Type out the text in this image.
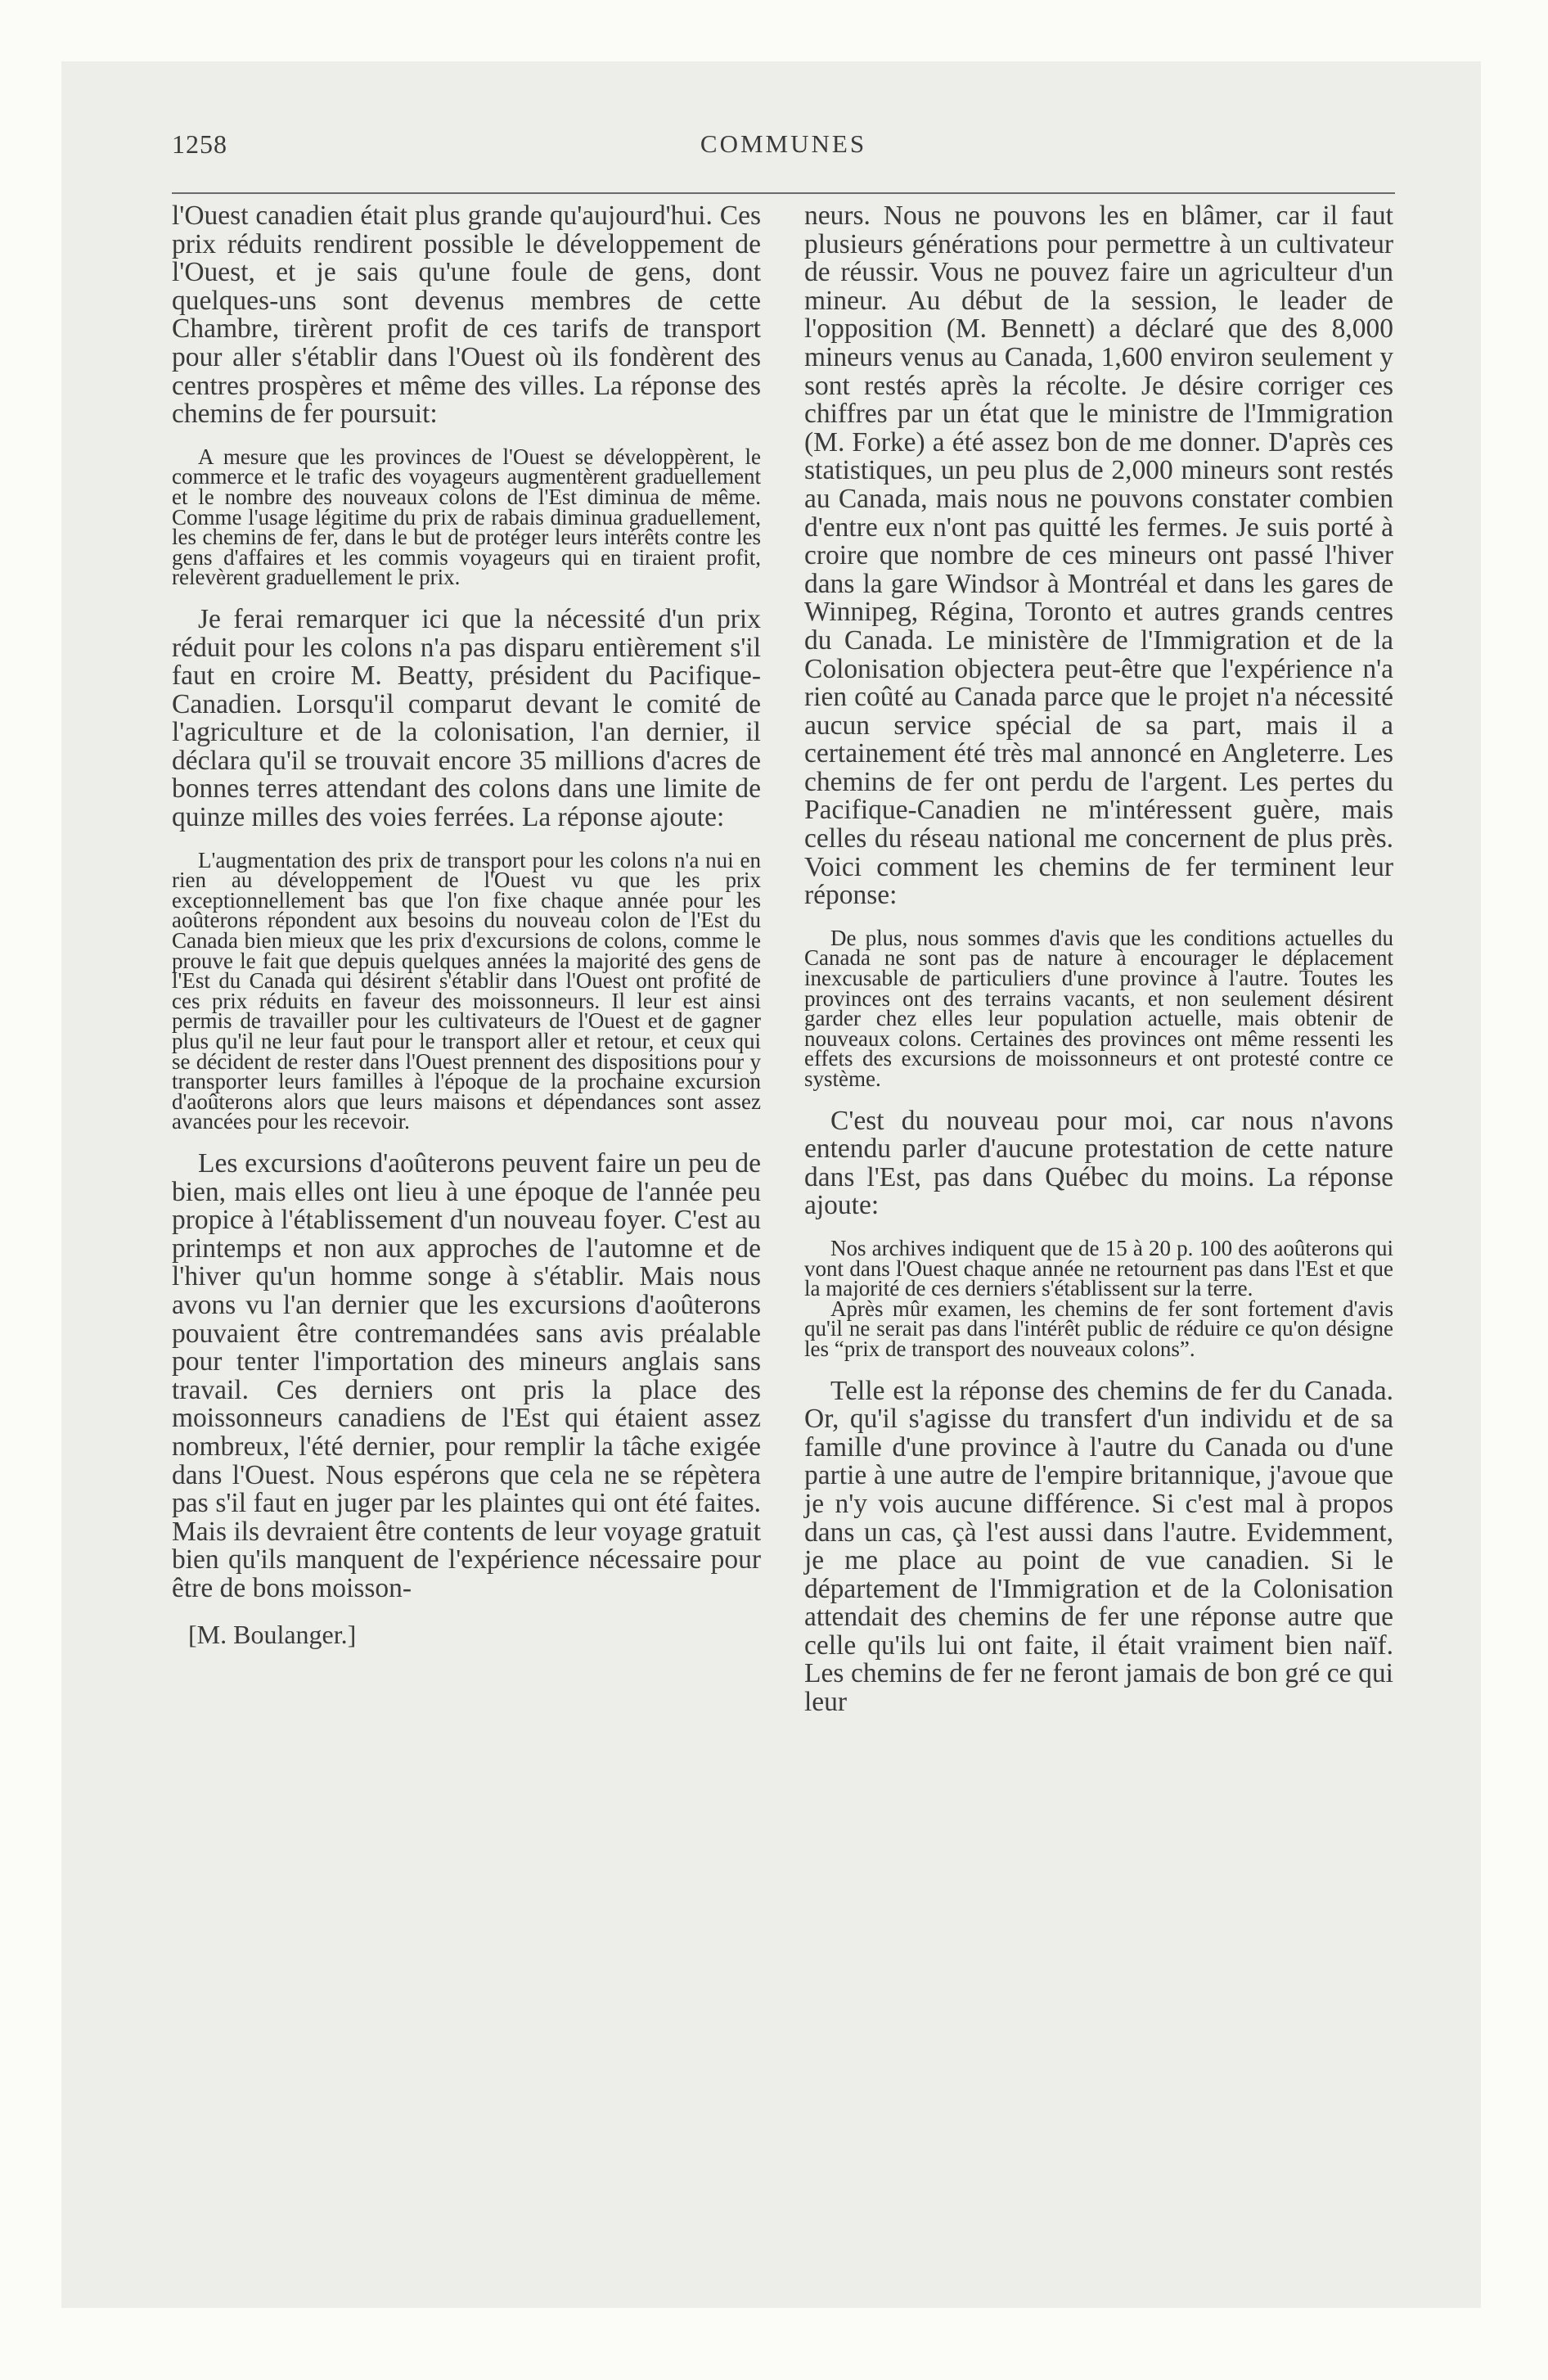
1258	COMMUNES

l'Ouest canadien était plus grande qu'aujourd'hui. Ces prix réduits rendirent possible le développement de l'Ouest, et je sais qu'une foule de gens, dont quelques-uns sont devenus membres de cette Chambre, tirèrent profit de ces tarifs de transport pour aller s'établir dans l'Ouest où ils fondèrent des centres prospères et même des villes. La réponse des chemins de fer poursuit:

A mesure que les provinces de l'Ouest se développèrent, le commerce et le trafic des voyageurs augmentèrent graduellement et le nombre des nouveaux colons de l'Est diminua de même. Comme l'usage légitime du prix de rabais diminua graduellement, les chemins de fer, dans le but de protéger leurs intérêts contre les gens d'affaires et les commis voyageurs qui en tiraient profit, relevèrent graduellement le prix.

Je ferai remarquer ici que la nécessité d'un prix réduit pour les colons n'a pas disparu entièrement s'il faut en croire M. Beatty, président du Pacifique-Canadien. Lorsqu'il comparut devant le comité de l'agriculture et de la colonisation, l'an dernier, il déclara qu'il se trouvait encore 35 millions d'acres de bonnes terres attendant des colons dans une limite de quinze milles des voies ferrées. La réponse ajoute:

L'augmentation des prix de transport pour les colons n'a nui en rien au développement de l'Ouest vu que les prix exceptionnellement bas que l'on fixe chaque année pour les aoûterons répondent aux besoins du nouveau colon de l'Est du Canada bien mieux que les prix d'excursions de colons, comme le prouve le fait que depuis quelques années la majorité des gens de l'Est du Canada qui désirent s'établir dans l'Ouest ont profité de ces prix réduits en faveur des moissonneurs. Il leur est ainsi permis de travailler pour les cultivateurs de l'Ouest et de gagner plus qu'il ne leur faut pour le transport aller et retour, et ceux qui se décident de rester dans l'Ouest prennent des dispositions pour y transporter leurs familles à l'époque de la prochaine excursion d'aoûterons alors que leurs maisons et dépendances sont assez avancées pour les recevoir.

Les excursions d'aoûterons peuvent faire un peu de bien, mais elles ont lieu à une époque de l'année peu propice à l'établissement d'un nouveau foyer. C'est au printemps et non aux approches de l'automne et de l'hiver qu'un homme songe à s'établir. Mais nous avons vu l'an dernier que les excursions d'aoûterons pouvaient être contremandées sans avis préalable pour tenter l'importation des mineurs anglais sans travail. Ces derniers ont pris la place des moissonneurs canadiens de l'Est qui étaient assez nombreux, l'été dernier, pour remplir la tâche exigée dans l'Ouest. Nous espérons que cela ne se répètera pas s'il faut en juger par les plaintes qui ont été faites. Mais ils devraient être contents de leur voyage gratuit bien qu'ils manquent de l'expérience nécessaire pour être de bons moisson-

[M. Boulanger.]

neurs. Nous ne pouvons les en blâmer, car il faut plusieurs générations pour permettre à un cultivateur de réussir. Vous ne pouvez faire un agriculteur d'un mineur. Au début de la session, le leader de l'opposition (M. Bennett) a déclaré que des 8,000 mineurs venus au Canada, 1,600 environ seulement y sont restés après la récolte. Je désire corriger ces chiffres par un état que le ministre de l'Immigration (M. Forke) a été assez bon de me donner. D'après ces statistiques, un peu plus de 2,000 mineurs sont restés au Canada, mais nous ne pouvons constater combien d'entre eux n'ont pas quitté les fermes. Je suis porté à croire que nombre de ces mineurs ont passé l'hiver dans la gare Windsor à Montréal et dans les gares de Winnipeg, Régina, Toronto et autres grands centres du Canada. Le ministère de l'Immigration et de la Colonisation objectera peut-être que l'expérience n'a rien coûté au Canada parce que le projet n'a nécessité aucun service spécial de sa part, mais il a certainement été très mal annoncé en Angleterre. Les chemins de fer ont perdu de l'argent. Les pertes du Pacifique-Canadien ne m'intéressent guère, mais celles du réseau national me concernent de plus près. Voici comment les chemins de fer terminent leur réponse:

De plus, nous sommes d'avis que les conditions actuelles du Canada ne sont pas de nature à encourager le déplacement inexcusable de particuliers d'une province à l'autre. Toutes les provinces ont des terrains vacants, et non seulement désirent garder chez elles leur population actuelle, mais obtenir de nouveaux colons. Certaines des provinces ont même ressenti les effets des excursions de moissonneurs et ont protesté contre ce système.

C'est du nouveau pour moi, car nous n'avons entendu parler d'aucune protestation de cette nature dans l'Est, pas dans Québec du moins. La réponse ajoute:

Nos archives indiquent que de 15 à 20 p. 100 des aoûterons qui vont dans l'Ouest chaque année ne retournent pas dans l'Est et que la majorité de ces derniers s'établissent sur la terre.

Après mûr examen, les chemins de fer sont fortement d'avis qu'il ne serait pas dans l'intérêt public de réduire ce qu'on désigne les “prix de transport des nouveaux colons”.

Telle est la réponse des chemins de fer du Canada. Or, qu'il s'agisse du transfert d'un individu et de sa famille d'une province à l'autre du Canada ou d'une partie à une autre de l'empire britannique, j'avoue que je n'y vois aucune différence. Si c'est mal à propos dans un cas, çà l'est aussi dans l'autre. Evidemment, je me place au point de vue canadien. Si le département de l'Immigration et de la Colonisation attendait des chemins de fer une réponse autre que celle qu'ils lui ont faite, il était vraiment bien naïf. Les chemins de fer ne feront jamais de bon gré ce qui leur
